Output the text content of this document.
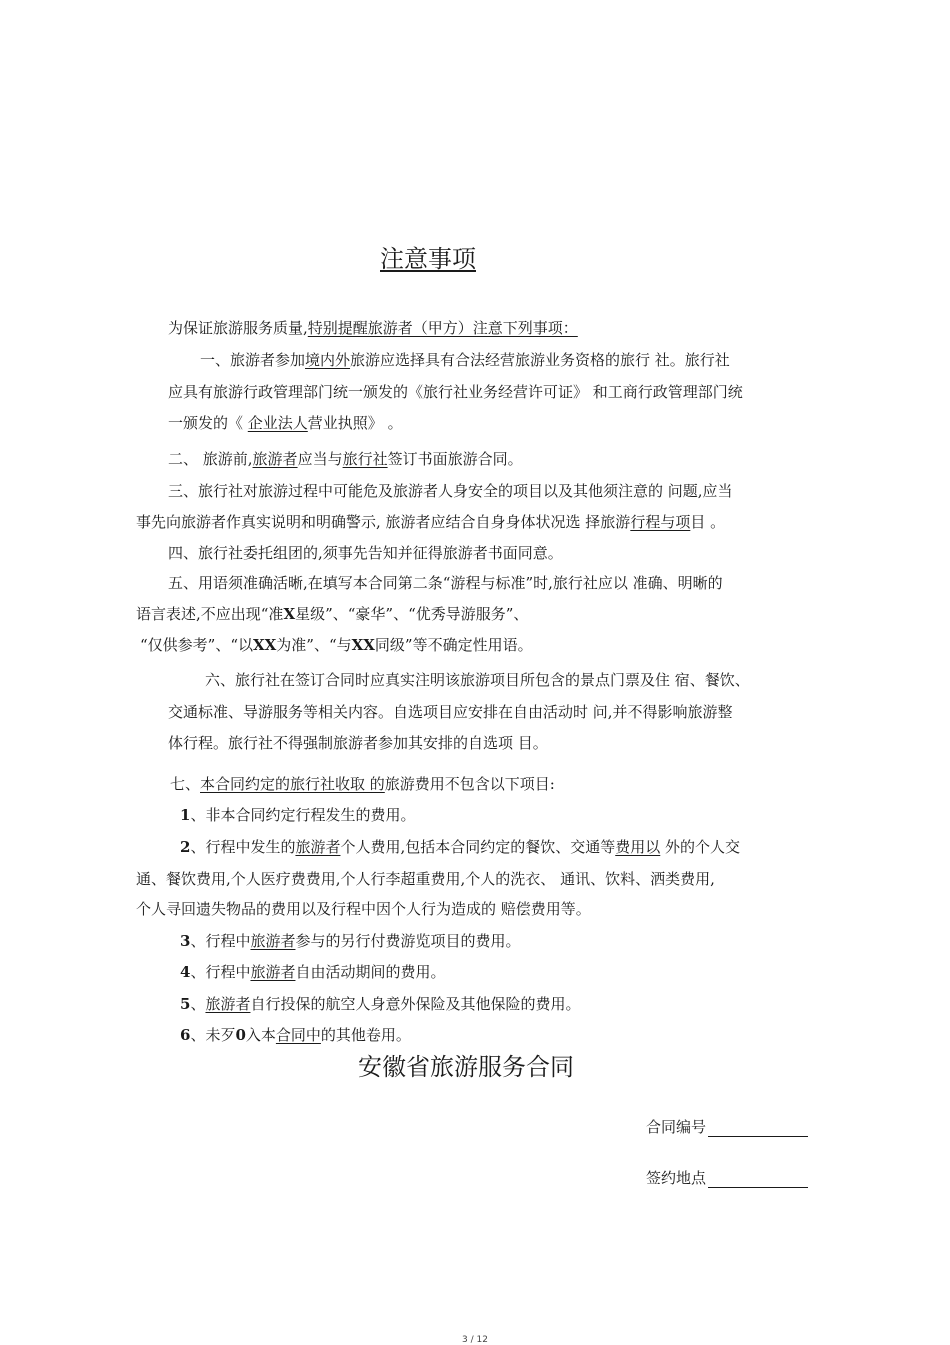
注意事项
为保证旅游服务质量,特别提醒旅游者（甲方）注意下列事项：
一、旅游者参加境内外旅游应选择具有合法经营旅游业务资格的旅行 社。旅行社
应具有旅游行政管理部门统一颁发的《旅行社业务经营许可证》 和工商行政管理部门统
一颁发的《 企业法人营业执照》 。
二、 旅游前,旅游者应当与旅行社签订书面旅游合同。
三、旅行社对旅游过程中可能危及旅游者人身安全的项目以及其他须注意的 问题,应当
事先向旅游者作真实说明和明确警示, 旅游者应结合自身身体状况选 择旅游行程与项目 。
四、旅行社委托组团的,须事先告知并征得旅游者书面同意。
五、用语须准确活晰,在填写本合同第二条“游程与标准”时,旅行社应以 准确、明晰的
语言表述,不应出现“准X星级”、“豪华”、“优秀导游服务”、
“仅供参考”、“以XX为准”、“与XX同级”等不确定性用语。
六、旅行社在签订合同时应真实注明该旅游项目所包含的景点门票及住 宿、餐饮、
交通标准、导游服务等相关内容。自选项目应安排在自由活动时 问,并不得影响旅游整
体行程。旅行社不得强制旅游者参加其安排的自选项 目。
七、本合同约定的旅行社收取 的旅游费用不包含以下项目:
1、非本合同约定行程发生的费用。
2、行程中发生的旅游者个人费用,包括本合同约定的餐饮、交通等费用以 外的个人交
通、餐饮费用,个人医疗费费用,个人行李超重费用,个人的洗衣、 通讯、饮料、洒类费用,
个人寻回遗失物品的费用以及行程中因个人行为造成的 赔偿费用等。
3、行程中旅游者参与的另行付费游览项目的费用。
4、行程中旅游者自由活动期间的费用。
5、旅游者自行投保的航空人身意外保险及其他保险的费用。
6、未歹0入本合同中的其他卷用。
安徽省旅游服务合同
合同编号
签约地点
3 / 12
